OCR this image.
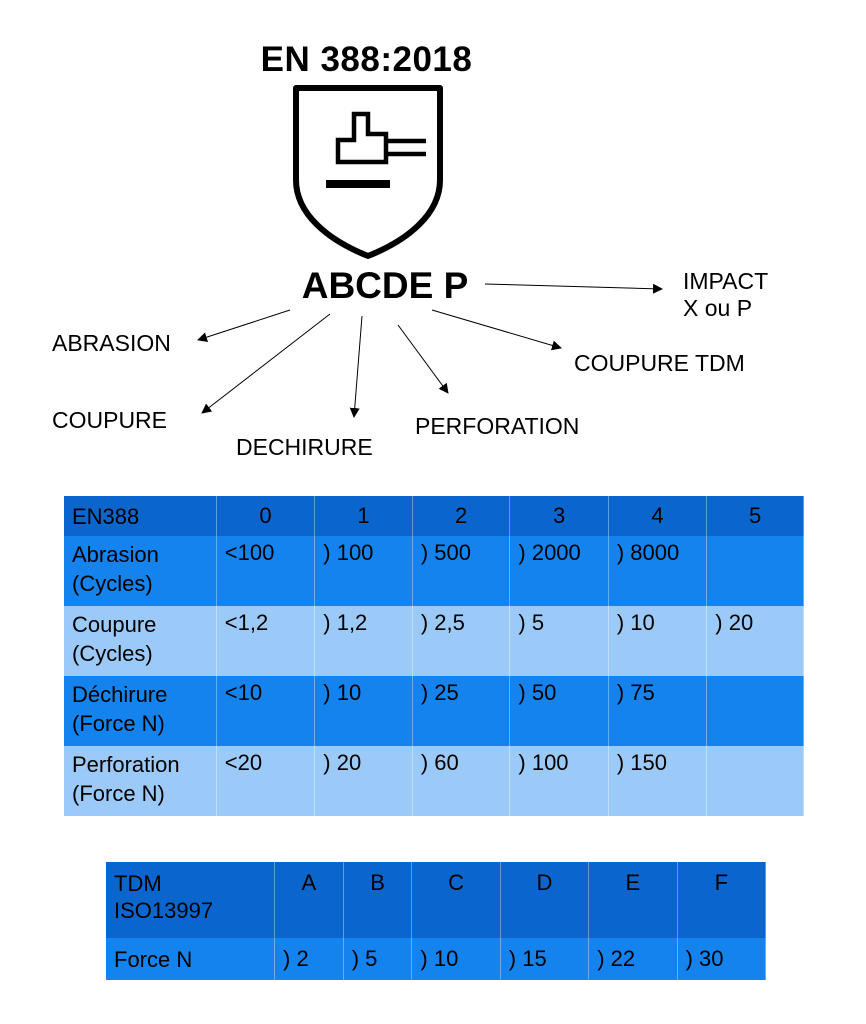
EN 388:2018
ABCDE P	IMPACT
X ou P
ABRASION
COUPURE TDM
COUPURE	PERFORATION
DECHIRURE
EN388	0	1	2	3	4	5

Abrasion
(Cycles)	<100	) 100	) 500	) 2000	) 8000	

Coupure
(Cycles)	<1,2	) 1,2	) 2,5	) 5	) 10	) 20

Déchirure
(Force N)	<10	) 10	) 25	) 50	) 75	

Perforation
(Force N)	<20	) 20	) 60	) 100	) 150	
TDM
ISO13997	A	B	C	D	E	F
Force N	) 2	) 5	) 10	) 15	) 22	) 30
